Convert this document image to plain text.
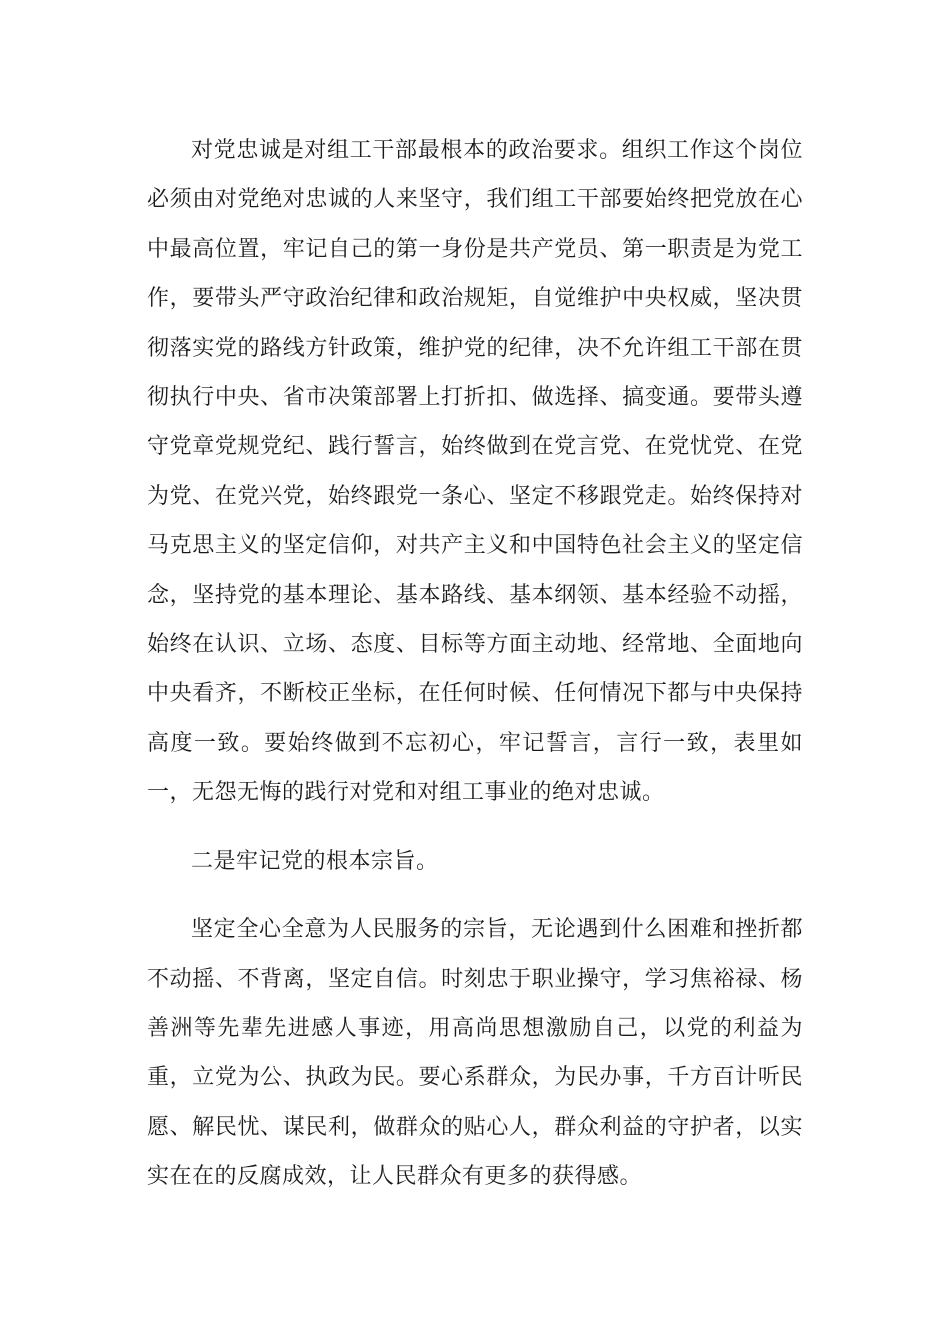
对党忠诚是对组工干部最根本的政治要求。组织工作这个岗位必须由对党绝对忠诚的人来坚守，我们组工干部要始终把党放在心中最高位置，牢记自己的第一身份是共产党员、第一职责是为党工作，要带头严守政治纪律和政治规矩，自觉维护中央权威，坚决贯彻落实党的路线方针政策，维护党的纪律，决不允许组工干部在贯彻执行中央、省市决策部署上打折扣、做选择、搞变通。要带头遵守党章党规党纪、践行誓言，始终做到在党言党、在党忧党、在党为党、在党兴党，始终跟党一条心、坚定不移跟党走。始终保持对马克思主义的坚定信仰，对共产主义和中国特色社会主义的坚定信念，坚持党的基本理论、基本路线、基本纲领、基本经验不动摇，始终在认识、立场、态度、目标等方面主动地、经常地、全面地向中央看齐，不断校正坐标，在任何时候、任何情况下都与中央保持高度一致。要始终做到不忘初心，牢记誓言，言行一致，表里如一，无怨无悔的践行对党和对组工事业的绝对忠诚。

二是牢记党的根本宗旨。

坚定全心全意为人民服务的宗旨，无论遇到什么困难和挫折都不动摇、不背离，坚定自信。时刻忠于职业操守，学习焦裕禄、杨善洲等先辈先进感人事迹，用高尚思想激励自己，以党的利益为重，立党为公、执政为民。要心系群众，为民办事，千方百计听民愿、解民忧、谋民利，做群众的贴心人，群众利益的守护者，以实实在在的反腐成效，让人民群众有更多的获得感。
